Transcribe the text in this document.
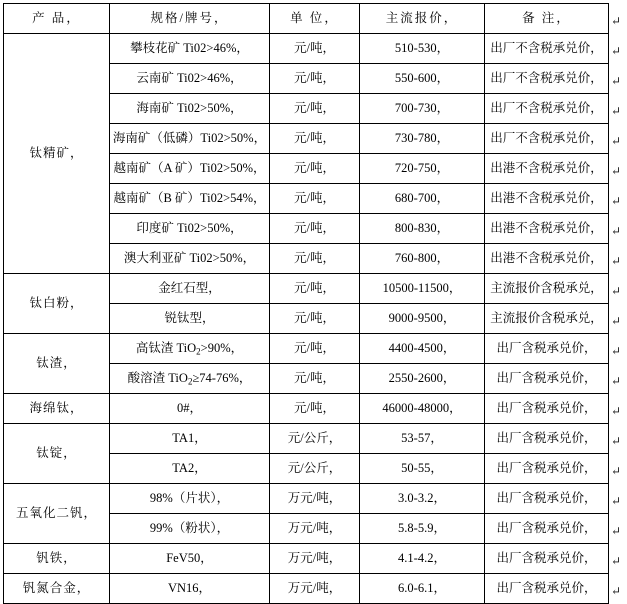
产 品，	规格/牌号，	单 位，	主流报价，	备 注，
钛精矿，	攀枝花矿 Ti02>46%，	元/吨，	510-530，	出厂不含税承兑价，
	云南矿 Ti02>46%，	元/吨，	550-600，	出厂不含税承兑价，
	海南矿 Ti02>50%，	元/吨，	700-730，	出厂不含税承兑价，
	海南矿（低磷）Ti02>50%，	元/吨，	730-780，	出厂不含税承兑价，
	越南矿（A 矿）Ti02>50%，	元/吨，	720-750，	出港不含税承兑价，
	越南矿（B 矿）Ti02>54%，	元/吨，	680-700，	出港不含税承兑价，
	印度矿 Ti02>50%，	元/吨，	800-830，	出港不含税承兑价，
	澳大利亚矿 Ti02>50%，	元/吨，	760-800，	出港不含税承兑价，
钛白粉，	金红石型，	元/吨，	10500-11500，	主流报价含税承兑，
	锐钛型，	元/吨，	9000-9500，	主流报价含税承兑，
钛渣，	高钛渣 TiO$_2$>90%，	元/吨，	4400-4500，	出厂含税承兑价，
	酸溶渣 TiO$_2$≥74-76%，	元/吨，	2550-2600，	出厂含税承兑价，
海绵钛，	0#，	元/吨，	46000-48000，	出厂含税承兑价，
钛锭，	TA1，	元/公斤，	53-57，	出厂含税承兑价，
	TA2，	元/公斤，	50-55，	出厂含税承兑价，
五氧化二钒，	98%（片状），	万元/吨，	3.0-3.2，	出厂含税承兑价，
	99%（粉状），	万元/吨，	5.8-5.9，	出厂含税承兑价，
钒铁，	FeV50，	万元/吨，	4.1-4.2，	出厂含税承兑价，
钒氮合金，	VN16，	万元/吨，	6.0-6.1，	出厂含税承兑价，
↵
↵
↵
↵
↵
↵
↵
↵
↵
↵
↵
↵
↵
↵
↵
↵
↵
↵
↵
↵
